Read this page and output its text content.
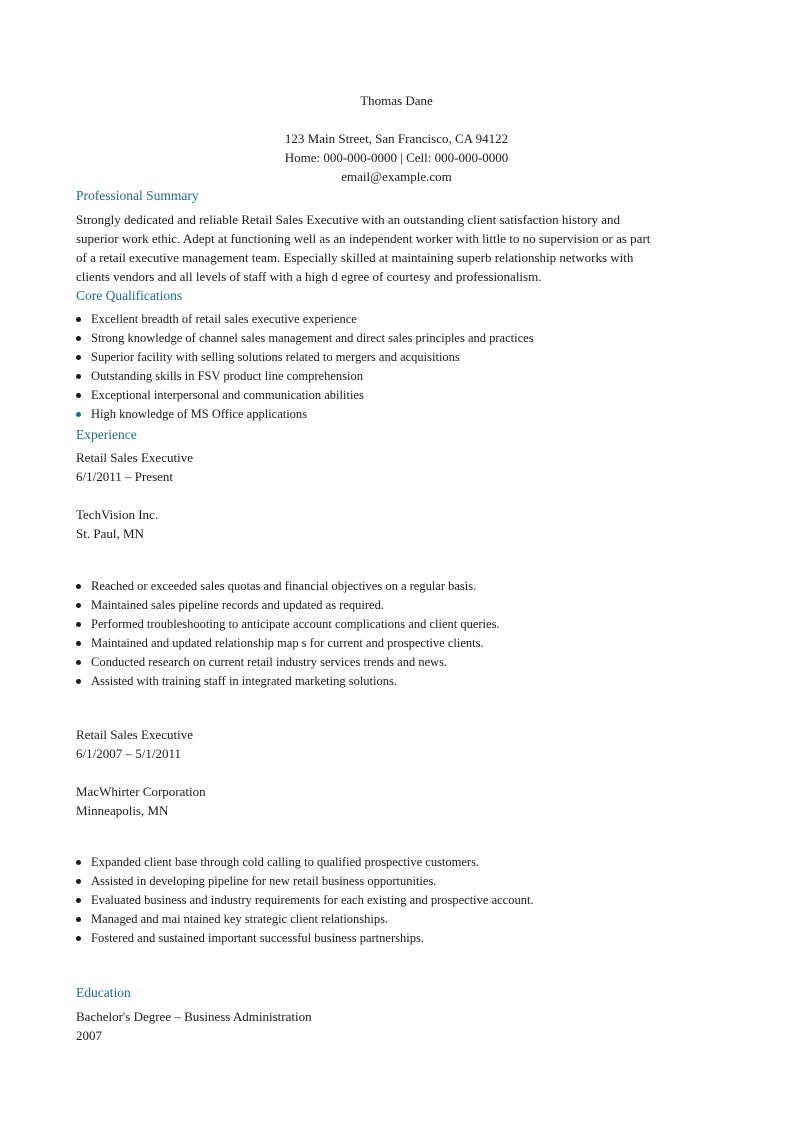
Thomas Dane
123 Main Street, San Francisco, CA 94122
Home: 000-000-0000 | Cell: 000-000-0000
email@example.com
Professional Summary
Strongly dedicated and reliable Retail Sales Executive with an outstanding client satisfaction history and
superior work ethic. Adept at functioning well as an independent worker with little to no supervision or as part
of a retail executive management team. Especially skilled at maintaining superb relationship networks with
clients vendors and all levels of staff with a high d egree of courtesy and professionalism.
Core Qualifications
Excellent breadth of retail sales executive experience
Strong knowledge of channel sales management and direct sales principles and practices
Superior facility with selling solutions related to mergers and acquisitions
Outstanding skills in FSV product line comprehension
Exceptional interpersonal and communication abilities
High knowledge of MS Office applications
Experience
Retail Sales Executive
6/1/2011 – Present
TechVision Inc.
St. Paul, MN
Reached or exceeded sales quotas and financial objectives on a regular basis.
Maintained sales pipeline records and updated as required.
Performed troubleshooting to anticipate account complications and client queries.
Maintained and updated relationship map s for current and prospective clients.
Conducted research on current retail industry services trends and news.
Assisted with training staff in integrated marketing solutions.
Retail Sales Executive
6/1/2007 – 5/1/2011
MacWhirter Corporation
Minneapolis, MN
Expanded client base through cold calling to qualified prospective customers.
Assisted in developing pipeline for new retail business opportunities.
Evaluated business and industry requirements for each existing and prospective account.
Managed and mai ntained key strategic client relationships.
Fostered and sustained important successful business partnerships.
Education
Bachelor's Degree – Business Administration
2007
